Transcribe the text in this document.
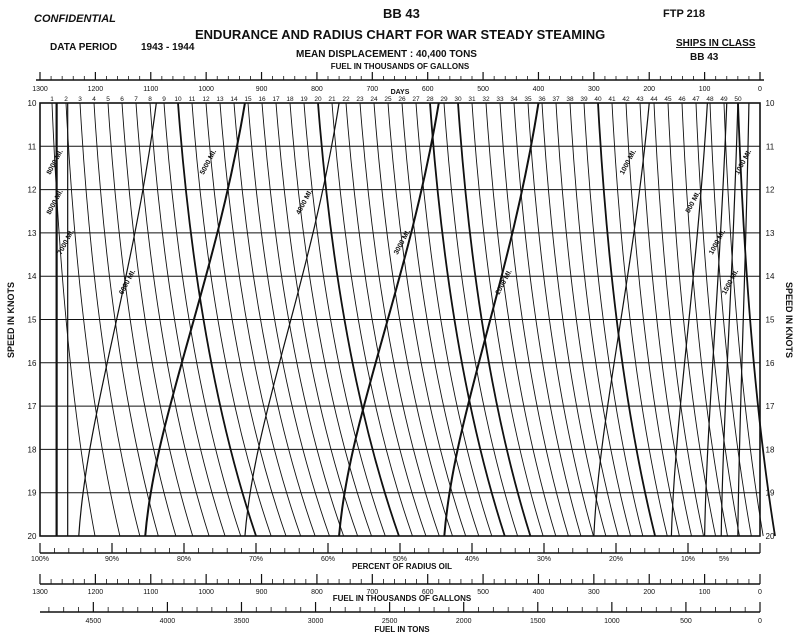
CONFIDENTIAL	BB 43	FTP 218
ENDURANCE AND RADIUS CHART FOR WAR STEADY STEAMING
DATA PERIOD 1943 - 1944
MEAN DISPLACEMENT : 40,400 TONS
SHIPS IN CLASS
BB 43
1300	1200	1100	1000	900	800	700	600	500	400	300	200	100	0
FUEL IN THOUSANDS OF GALLONS
DAYS
1 2 3 4 5 6 7 8 9 10 11 12 13 14 15 16 17 18 19 20 21 22 23 24 25 26 27 28 29 30 31 32 33 34 35 36 37 38 39 40 41 42 43 44 45 46 47 48 49 50
10	10
11	11
12	12
13	13
14	14
15	15
16	16
17	17
18	18
19	19
20	20
SPEED IN KNOTS	SPEED IN KNOTS
8000 MI.
8000 MI.
7000 MI.
6000 MI.
5000 MI.
4000 MI.
3000 MI.
2000 MI.
1000 MI.
500 MI.
1000 MI.
1500 MI.
1000 MI.
100%	90%	80%	70%	60%	50%	40%	30%	20%	10%	5%
PERCENT OF RADIUS OIL
1300	1200	1100	1000	900	800	700	600	500	400	300	200	100	0
FUEL IN THOUSANDS OF GALLONS
4500	4000	3500	3000	2500	2000	1500	1000	500	0
FUEL IN TONS
